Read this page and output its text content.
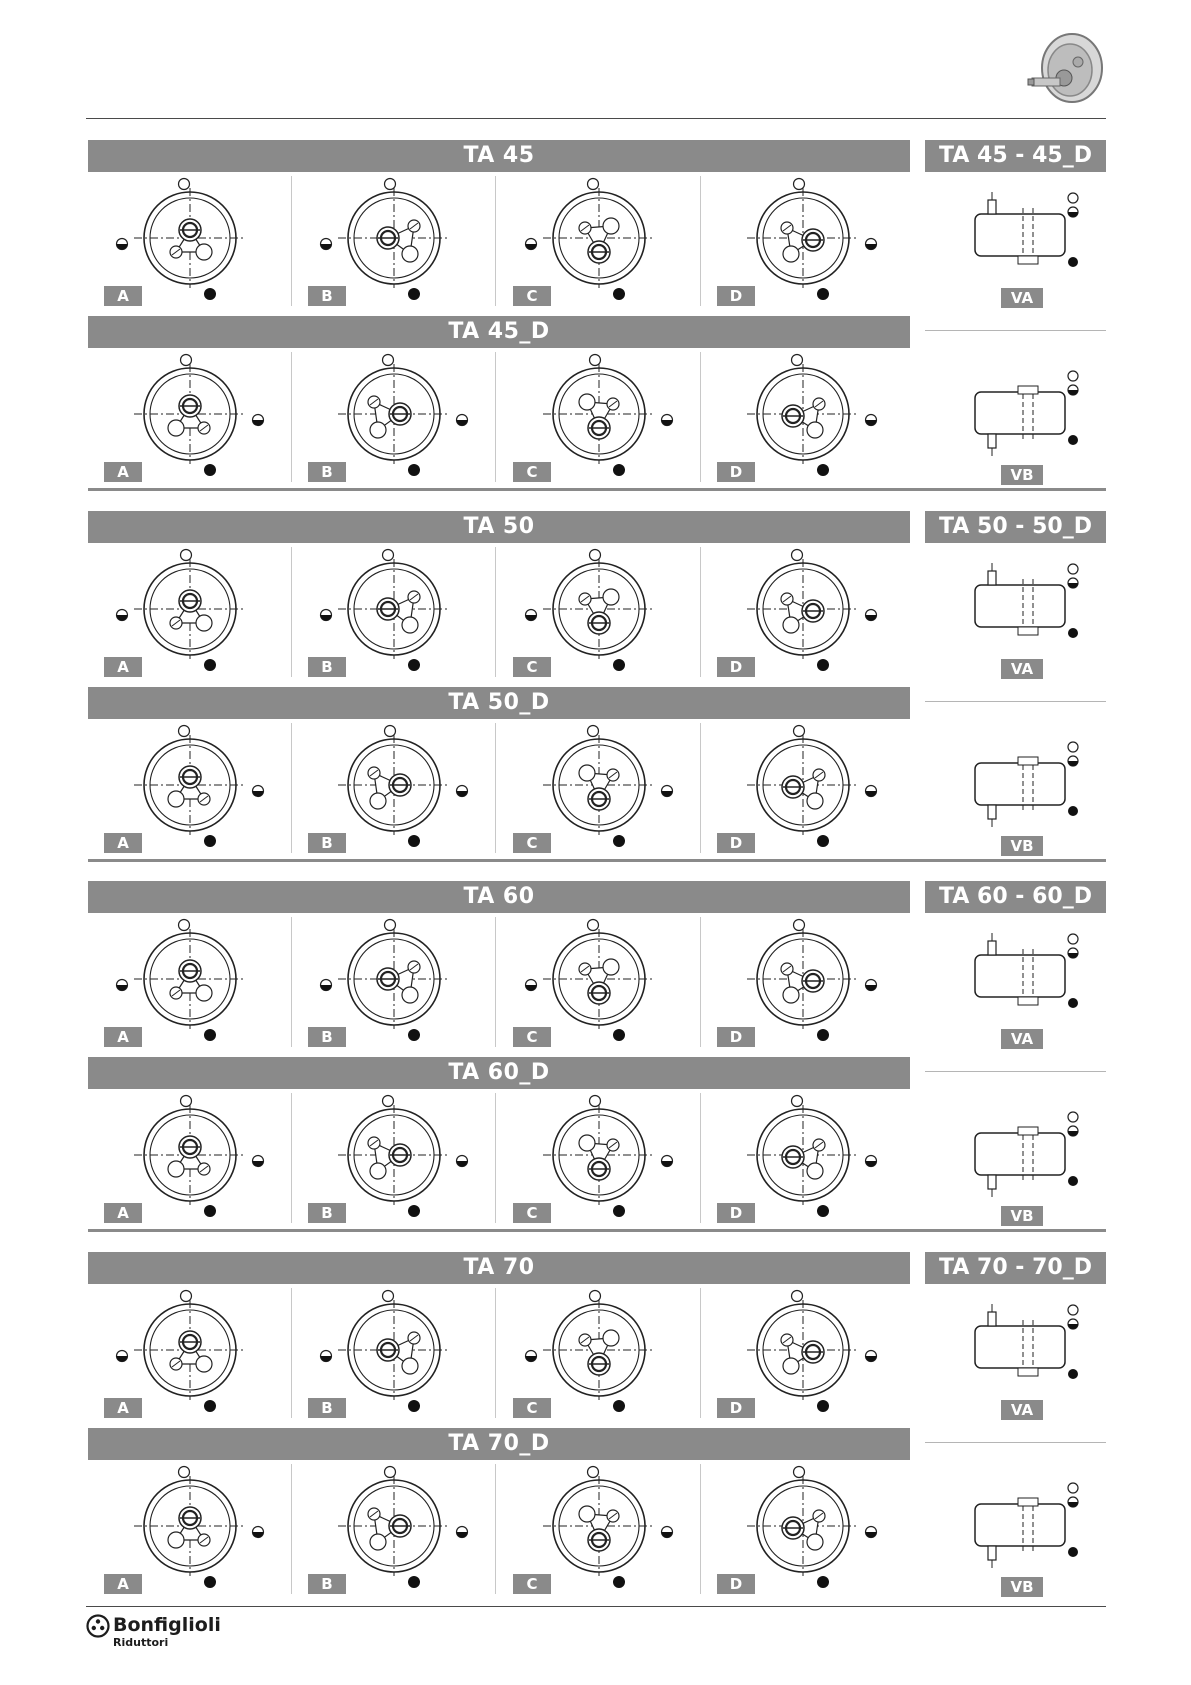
Bonfiglioli
Riduttori
TA 45	TA 45 - 45_D
TA 45_D
A	B	C	D
A	B	C	D
VA
VB
TA 50	TA 50 - 50_D
TA 50_D
A	B	C	D
A	B	C	D
VA
VB
TA 60	TA 60 - 60_D
TA 60_D
A	B	C	D
A	B	C	D
VA
VB
TA 70	TA 70 - 70_D
TA 70_D
A	B	C	D
A	B	C	D
VA
VB
